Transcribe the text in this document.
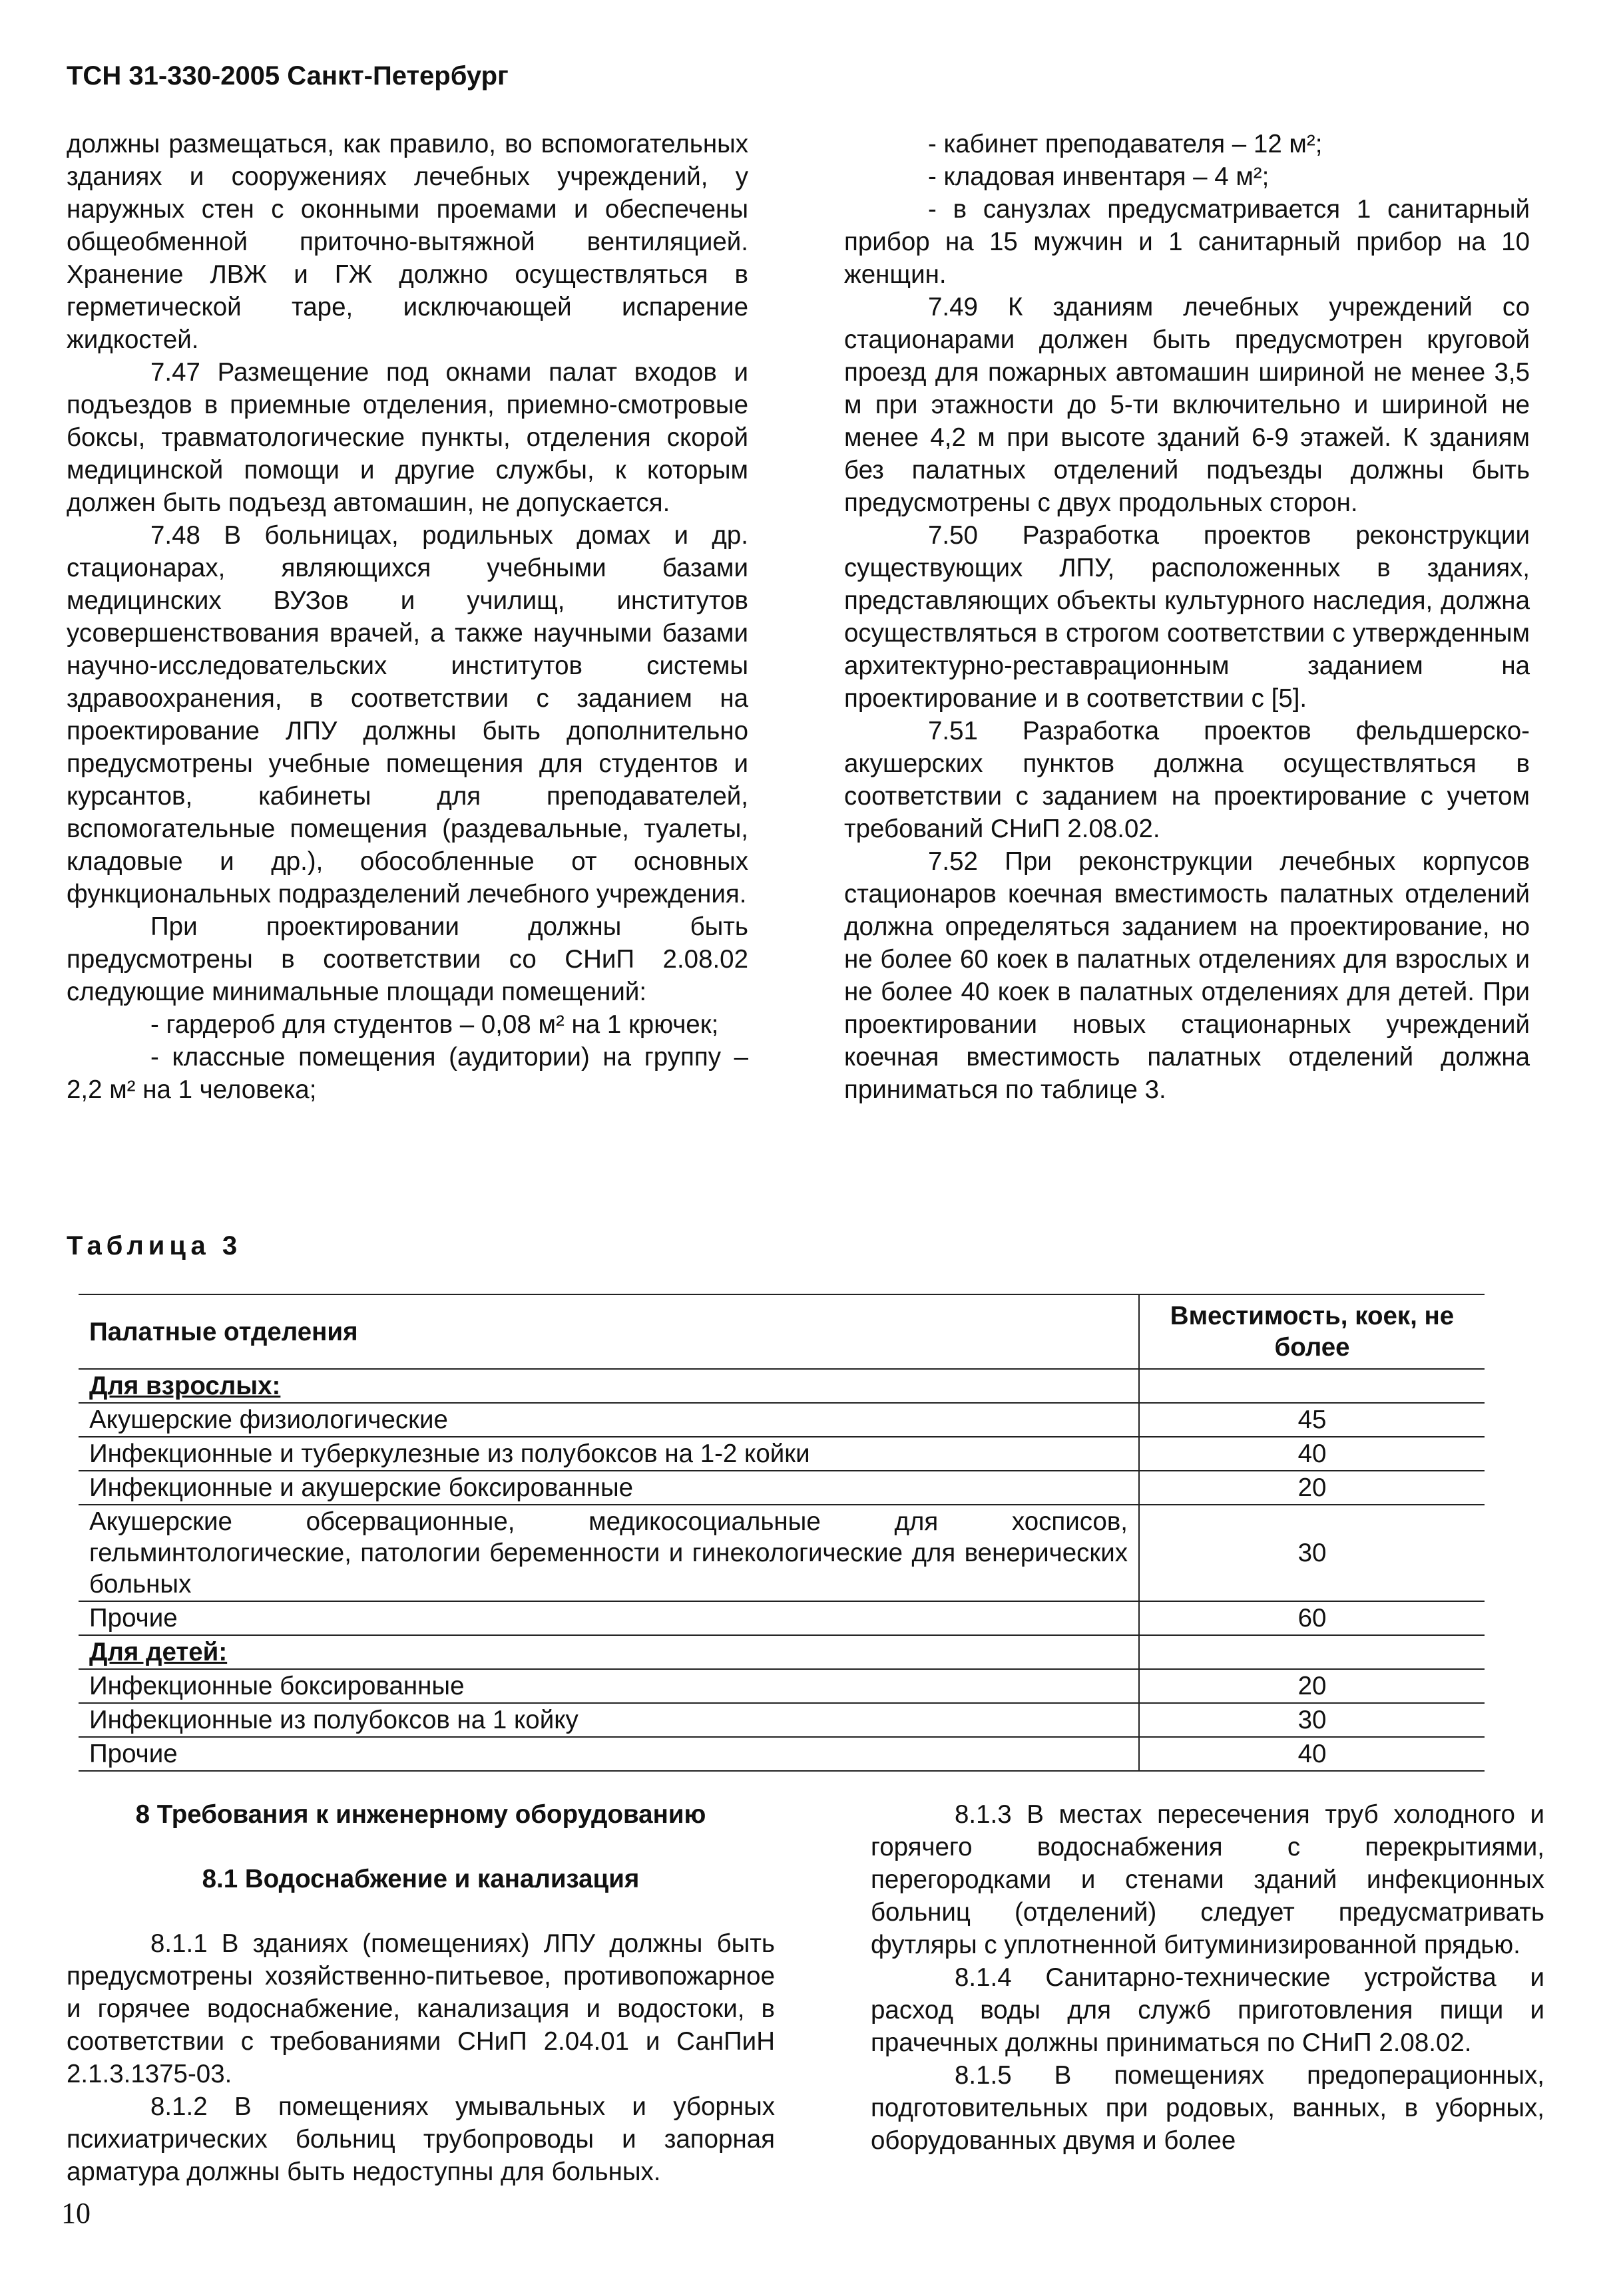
ТСН 31-330-2005 Санкт-Петербург

должны размещаться, как правило, во вспомогательных зданиях и сооружениях лечебных учреждений, у наружных стен с оконными проемами и обеспечены общеобменной приточно-вытяжной вентиляцией. Хранение ЛВЖ и ГЖ должно осуществляться в герметической таре, исключающей испарение жидкостей.

7.47 Размещение под окнами палат входов и подъездов в приемные отделения, приемно-смотровые боксы, травматологические пункты, отделения скорой медицинской помощи и другие службы, к которым должен быть подъезд автомашин, не допускается.

7.48 В больницах, родильных домах и др. стационарах, являющихся учебными базами медицинских ВУЗов и училищ, институтов усовершенствования врачей, а также научными базами научно-исследовательских институтов системы здравоохранения, в соответствии с заданием на проектирование ЛПУ должны быть дополнительно предусмотрены учебные помещения для студентов и курсантов, кабинеты для преподавателей, вспомогательные помещения (раздевальные, туалеты, кладовые и др.), обособленные от основных функциональных подразделений лечебного учреждения.

При проектировании должны быть предусмотрены в соответствии со СНиП 2.08.02 следующие минимальные площади помещений:

- гардероб для студентов – 0,08 м² на 1 крючек;

- классные помещения (аудитории) на группу – 2,2 м² на 1 человека;

- кабинет преподавателя – 12 м²;

- кладовая инвентаря – 4 м²;

- в санузлах предусматривается 1 санитарный прибор на 15 мужчин и 1 санитарный прибор на 10 женщин.

7.49 К зданиям лечебных учреждений со стационарами должен быть предусмотрен круговой проезд для пожарных автомашин шириной не менее 3,5 м при этажности до 5-ти включительно и шириной не менее 4,2 м при высоте зданий 6-9 этажей. К зданиям без палатных отделений подъезды должны быть предусмотрены с двух продольных сторон.

7.50 Разработка проектов реконструкции существующих ЛПУ, расположенных в зданиях, представляющих объекты культурного наследия, должна осуществляться в строгом соответствии с утвержденным архитектурно-реставрационным заданием на проектирование и в соответствии с [5].

7.51 Разработка проектов фельдшерско-акушерских пунктов должна осуществляться в соответствии с заданием на проектирование с учетом требований СНиП 2.08.02.

7.52 При реконструкции лечебных корпусов стационаров коечная вместимость палатных отделений должна определяться заданием на проектирование, но не более 60 коек в палатных отделениях для взрослых и не более 40 коек в палатных отделениях для детей. При проектировании новых стационарных учреждений коечная вместимость палатных отделений должна приниматься по таблице 3.

Таблица 3

Палатные отделения	Вместимость, коек, не более
Для взрослых:	
Акушерские физиологические	45
Инфекционные и туберкулезные из полубоксов на 1-2 койки	40
Инфекционные и акушерские боксированные	20
Акушерские обсервационные, медикосоциальные для хосписов, гельминтологические, патологии беременности и гинекологические для венерических больных	30
Прочие	60
Для детей:	
Инфекционные боксированные	20
Инфекционные из полубоксов на 1 койку	30
Прочие	40

8 Требования к инженерному оборудованию

8.1 Водоснабжение и канализация

8.1.1 В зданиях (помещениях) ЛПУ должны быть предусмотрены хозяйственно-питьевое, противопожарное и горячее водоснабжение, канализация и водостоки, в соответствии с требованиями СНиП 2.04.01 и СанПиН 2.1.3.1375-03.

8.1.2 В помещениях умывальных и уборных психиатрических больниц трубопроводы и запорная арматура должны быть недоступны для больных.

8.1.3 В местах пересечения труб холодного и горячего водоснабжения с перекрытиями, перегородками и стенами зданий инфекционных больниц (отделений) следует предусматривать футляры с уплотненной битуминизированной прядью.

8.1.4 Санитарно-технические устройства и расход воды для служб приготовления пищи и прачечных должны приниматься по СНиП 2.08.02.

8.1.5 В помещениях предоперационных, подготовительных при родовых, ванных, в уборных, оборудованных двумя и более

10
